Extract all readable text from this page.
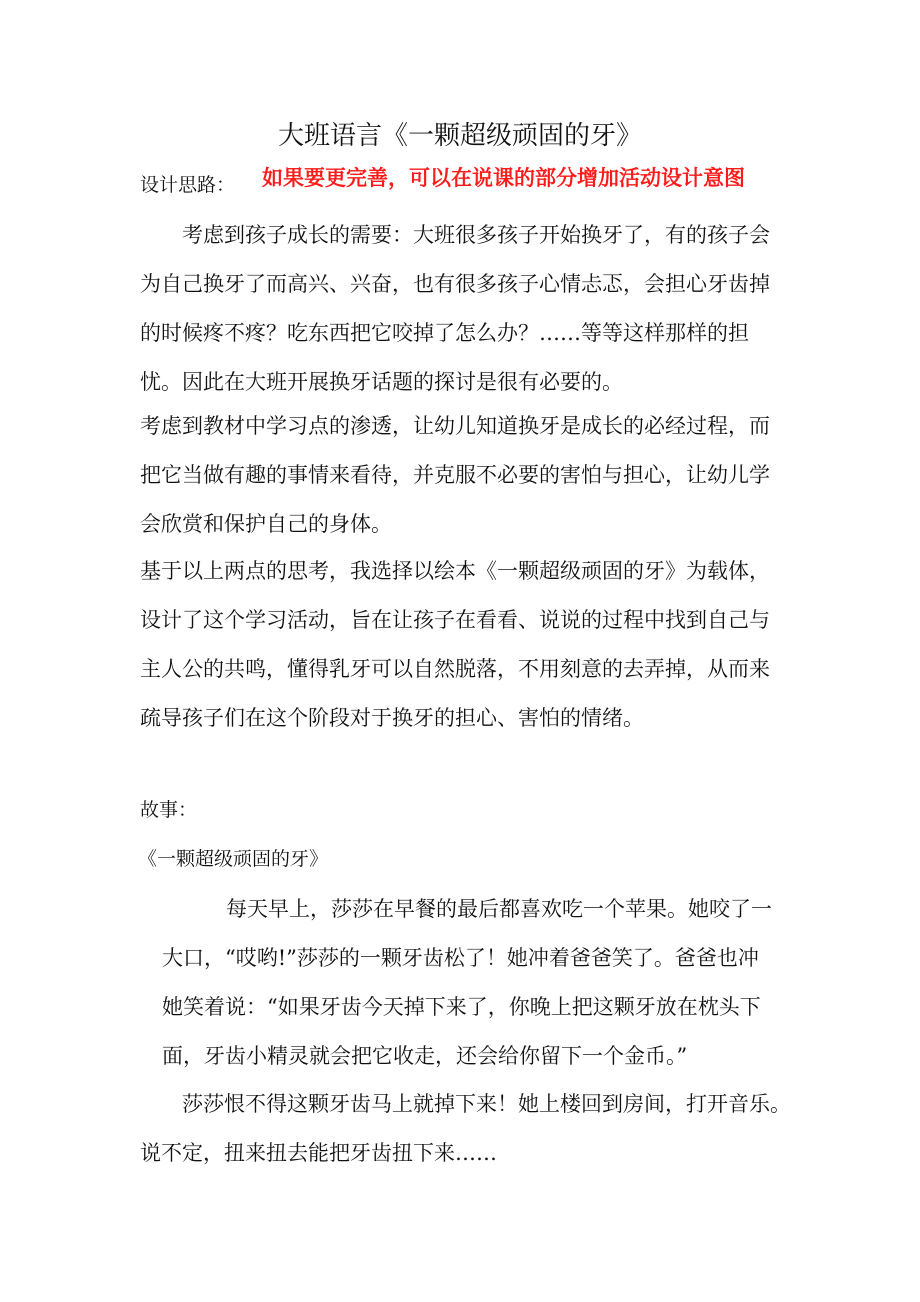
大班语言《一颗超级顽固的牙》
设计思路： 如果要更完善，可以在说课的部分增加活动设计意图
考虑到孩子成长的需要：大班很多孩子开始换牙了，有的孩子会
为自己换牙了而高兴、兴奋，也有很多孩子心情忐忑，会担心牙齿掉
的时候疼不疼？吃东西把它咬掉了怎么办？……等等这样那样的担
忧。因此在大班开展换牙话题的探讨是很有必要的。
考虑到教材中学习点的渗透，让幼儿知道换牙是成长的必经过程，而
把它当做有趣的事情来看待，并克服不必要的害怕与担心，让幼儿学
会欣赏和保护自己的身体。
基于以上两点的思考，我选择以绘本《一颗超级顽固的牙》为载体，
设计了这个学习活动，旨在让孩子在看看、说说的过程中找到自己与
主人公的共鸣，懂得乳牙可以自然脱落，不用刻意的去弄掉，从而来
疏导孩子们在这个阶段对于换牙的担心、害怕的情绪。
故事：
《一颗超级顽固的牙》
每天早上，莎莎在早餐的最后都喜欢吃一个苹果。她咬了一
大口，“哎哟!”莎莎的一颗牙齿松了！她冲着爸爸笑了。爸爸也冲
她笑着说：“如果牙齿今天掉下来了，你晚上把这颗牙放在枕头下
面，牙齿小精灵就会把它收走，还会给你留下一个金币。”
莎莎恨不得这颗牙齿马上就掉下来！她上楼回到房间，打开音乐。
说不定，扭来扭去能把牙齿扭下来……
